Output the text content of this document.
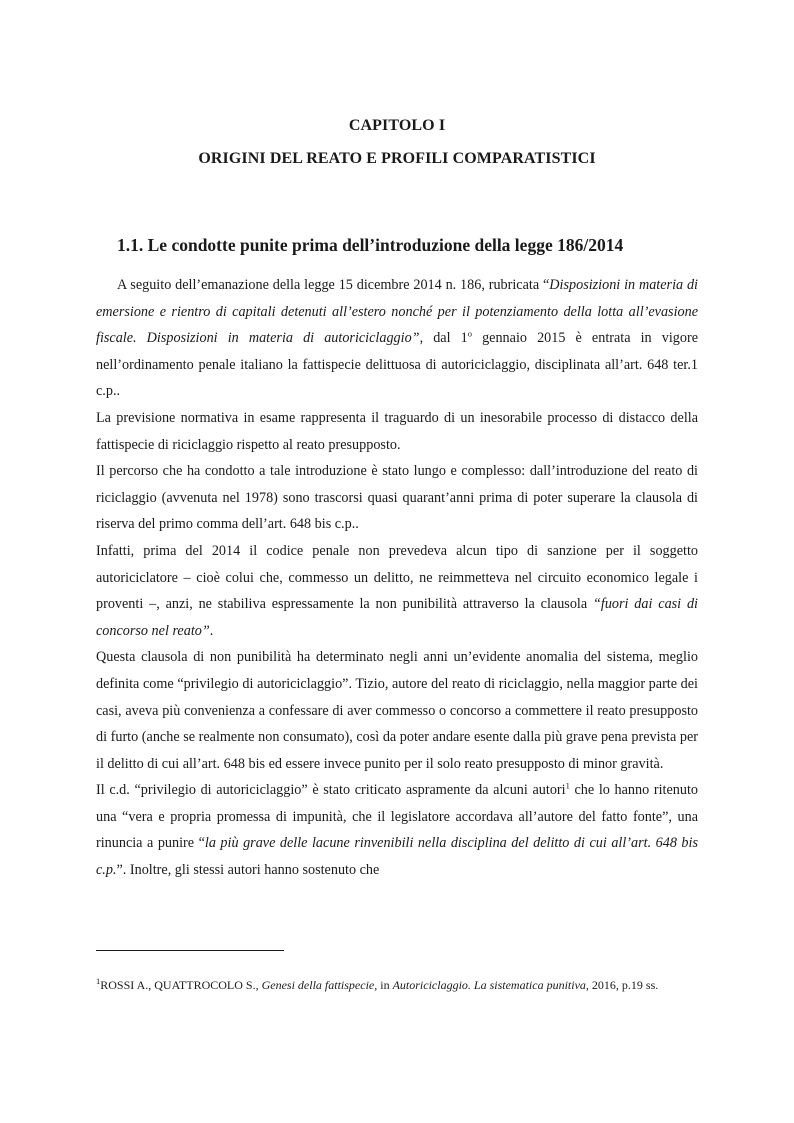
CAPITOLO I
ORIGINI DEL REATO E PROFILI COMPARATISTICI
1.1. Le condotte punite prima dell’introduzione della legge 186/2014

A seguito dell’emanazione della legge 15 dicembre 2014 n. 186, rubricata “Disposizioni in materia di emersione e rientro di capitali detenuti all’estero nonché per il potenziamento della lotta all’evasione fiscale. Disposizioni in materia di autoriciclaggio”, dal 1$^o$ gennaio 2015 è entrata in vigore nell’ordinamento penale italiano la fattispecie delittuosa di autoriciclaggio, disciplinata all’art. 648 ter.1 c.p..

La previsione normativa in esame rappresenta il traguardo di un inesorabile processo di distacco della fattispecie di riciclaggio rispetto al reato presupposto.

Il percorso che ha condotto a tale introduzione è stato lungo e complesso: dall’introduzione del reato di riciclaggio (avvenuta nel 1978) sono trascorsi quasi quarant’anni prima di poter superare la clausola di riserva del primo comma dell’art. 648 bis c.p..

Infatti, prima del 2014 il codice penale non prevedeva alcun tipo di sanzione per il soggetto autoriciclatore – cioè colui che, commesso un delitto, ne reimmetteva nel circuito economico legale i proventi –, anzi, ne stabiliva espressamente la non punibilità attraverso la clausola “fuori dai casi di concorso nel reato”.

Questa clausola di non punibilità ha determinato negli anni un’evidente anomalia del sistema, meglio definita come “privilegio di autoriciclaggio”. Tizio, autore del reato di riciclaggio, nella maggior parte dei casi, aveva più convenienza a confessare di aver commesso o concorso a commettere il reato presupposto di furto (anche se realmente non consumato), così da poter andare esente dalla più grave pena prevista per il delitto di cui all’art. 648 bis ed essere invece punito per il solo reato presupposto di minor gravità.

Il c.d. “privilegio di autoriciclaggio” è stato criticato aspramente da alcuni autori$^1$ che lo hanno ritenuto una “vera e propria promessa di impunità, che il legislatore accordava all’autore del fatto fonte”, una rinuncia a punire “la più grave delle lacune rinvenibili nella disciplina del delitto di cui all’art. 648 bis c.p.”. Inoltre, gli stessi autori hanno sostenuto che

$^1$ROSSI A., QUATTROCOLO S., Genesi della fattispecie, in Autoriciclaggio. La sistematica punitiva, 2016, p.19 ss.
